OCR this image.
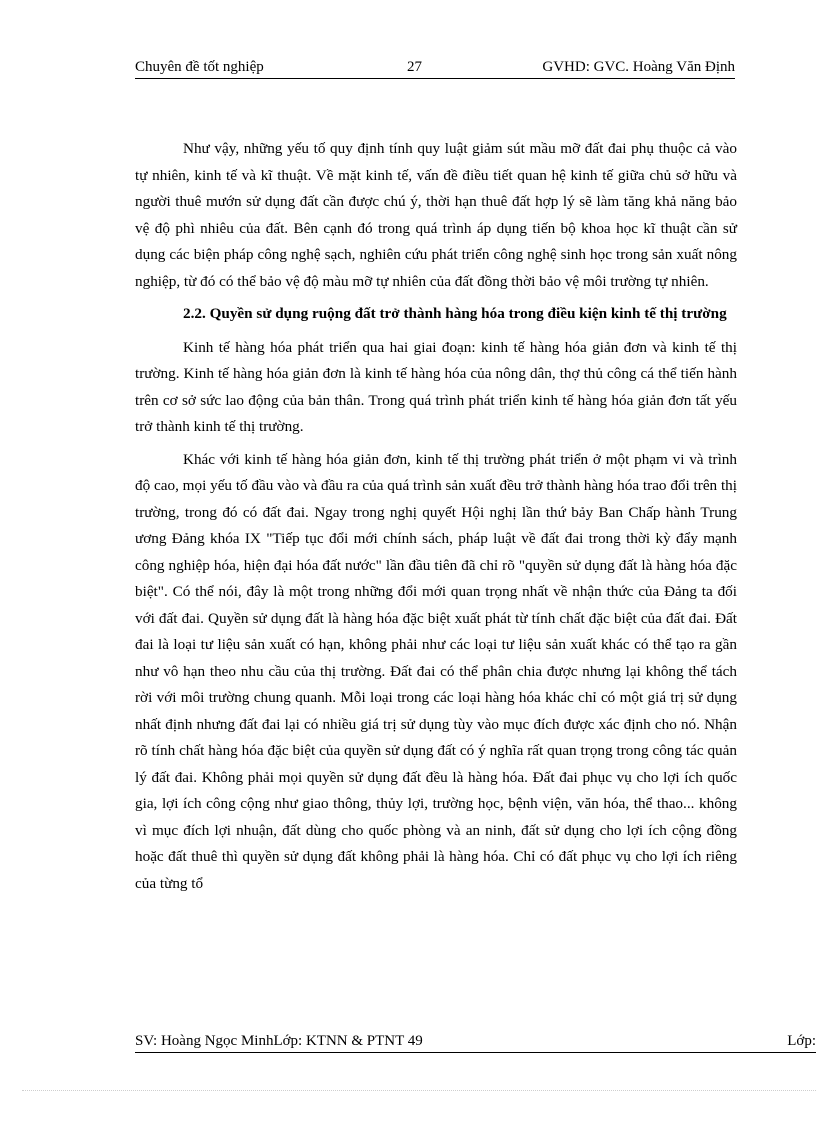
Chuyên đề tốt nghiệp	27	GVHD: GVC. Hoàng Văn Định

Như vậy, những yếu tố quy định tính quy luật giảm sút mầu mỡ đất đai phụ thuộc cả vào tự nhiên, kinh tế và kĩ thuật. Về mặt kinh tế, vấn đề điều tiết quan hệ kinh tế giữa chủ sở hữu và người thuê mướn sử dụng đất cần được chú ý, thời hạn thuê đất hợp lý sẽ làm tăng khả năng bảo vệ độ phì nhiêu của đất. Bên cạnh đó trong quá trình áp dụng tiến bộ khoa học kĩ thuật cần sử dụng các biện pháp công nghệ sạch, nghiên cứu phát triển công nghệ sinh học trong sản xuất nông nghiệp, từ đó có thể bảo vệ độ màu mỡ tự nhiên của đất đồng thời bảo vệ môi trường tự nhiên.

2.2. Quyền sử dụng ruộng đất trở thành hàng hóa trong điều kiện kinh tế thị trường

Kinh tế hàng hóa phát triển qua hai giai đoạn: kinh tế hàng hóa giản đơn và kinh tế thị trường. Kinh tế hàng hóa giản đơn là kinh tế hàng hóa của nông dân, thợ thủ công cá thể tiến hành trên cơ sở sức lao động của bản thân. Trong quá trình phát triển kinh tế hàng hóa giản đơn tất yếu trở thành kinh tế thị trường.

Khác với kinh tế hàng hóa giản đơn, kinh tế thị trường phát triển ở một phạm vi và trình độ cao, mọi yếu tố đầu vào và đầu ra của quá trình sản xuất đều trở thành hàng hóa trao đổi trên thị trường, trong đó có đất đai. Ngay trong nghị quyết Hội nghị lần thứ bảy Ban Chấp hành Trung ương Đảng khóa IX "Tiếp tục đổi mới chính sách, pháp luật về đất đai trong thời kỳ đẩy mạnh công nghiệp hóa, hiện đại hóa đất nước" lần đầu tiên đã chỉ rõ "quyền sử dụng đất là hàng hóa đặc biệt". Có thể nói, đây là một trong những đổi mới quan trọng nhất về nhận thức của Đảng ta đối với đất đai. Quyền sử dụng đất là hàng hóa đặc biệt xuất phát từ tính chất đặc biệt của đất đai. Đất đai là loại tư liệu sản xuất có hạn, không phải như các loại tư liệu sản xuất khác có thể tạo ra gần như vô hạn theo nhu cầu của thị trường. Đất đai có thể phân chia được nhưng lại không thể tách rời với môi trường chung quanh. Mỗi loại trong các loại hàng hóa khác chỉ có một giá trị sử dụng nhất định nhưng đất đai lại có nhiều giá trị sử dụng tùy vào mục đích được xác định cho nó. Nhận rõ tính chất hàng hóa đặc biệt của quyền sử dụng đất có ý nghĩa rất quan trọng trong công tác quản lý đất đai. Không phải mọi quyền sử dụng đất đều là hàng hóa. Đất đai phục vụ cho lợi ích quốc gia, lợi ích công cộng như giao thông, thủy lợi, trường học, bệnh viện, văn hóa, thể thao... không vì mục đích lợi nhuận, đất dùng cho quốc phòng và an ninh, đất sử dụng cho lợi ích cộng đồng hoặc đất thuê thì quyền sử dụng đất không phải là hàng hóa. Chỉ có đất phục vụ cho lợi ích riêng của từng tổ

SV: Hoàng Ngọc MinhLớp: KTNN & PTNT 49	Lớp:
